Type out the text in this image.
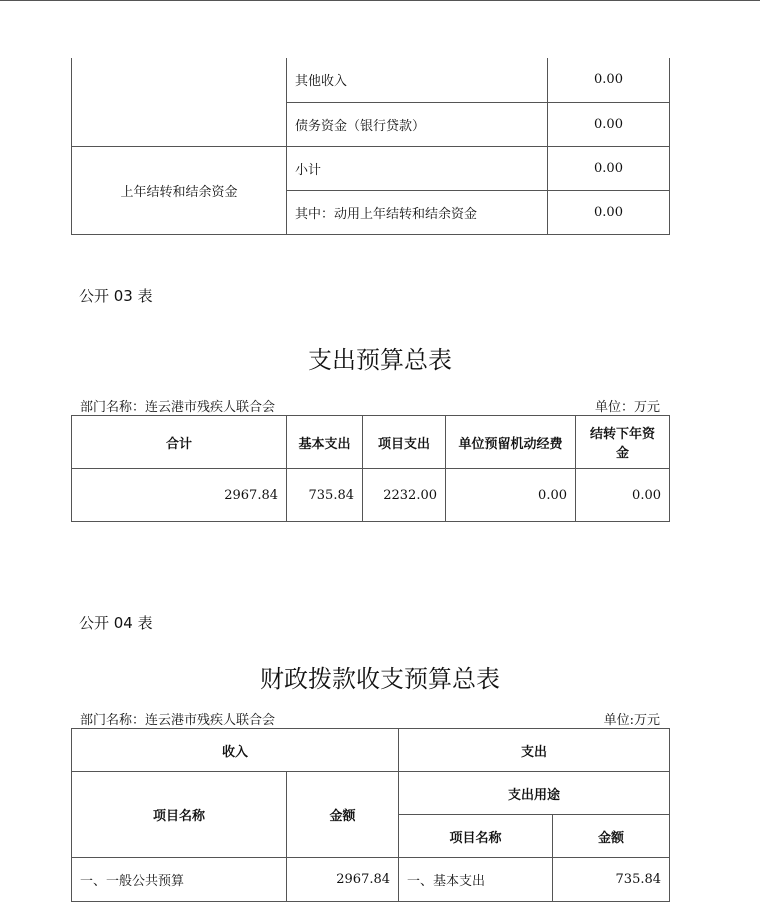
	其他收入	0.00
	债务资金（银行贷款）	0.00
上年结转和结余资金	小计	0.00
	其中：动用上年结转和结余资金	0.00
公开 03 表
支出预算总表
部门名称：连云港市残疾人联合会	单位：万元
合计	基本支出	项目支出	单位预留机动经费	结转下年资金
2967.84	735.84	2232.00	0.00	0.00
公开 04 表
财政拨款收支预算总表
部门名称：连云港市残疾人联合会	单位:万元
收入		支出	
项目名称	金额	支出用途	
		项目名称	金额
一、一般公共预算	2967.84	一、基本支出	735.84
